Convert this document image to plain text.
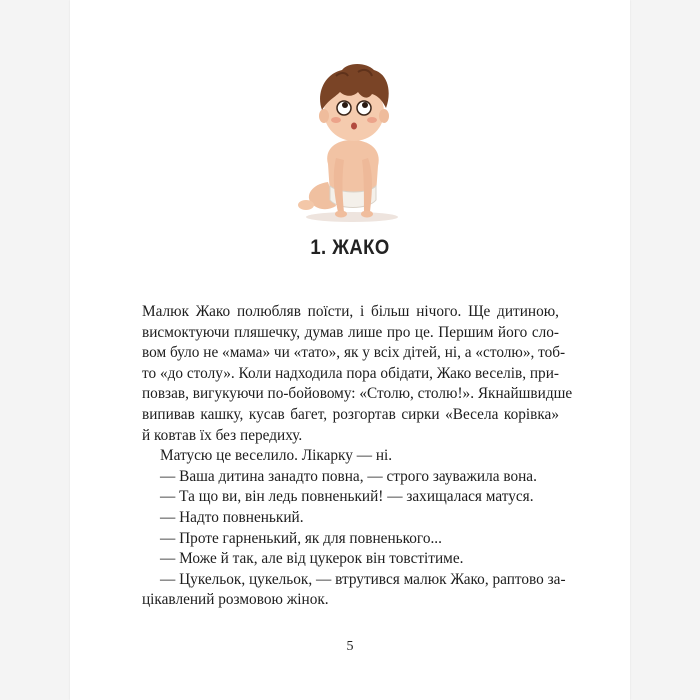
1. ЖАКО
Малюк Жако полюбляв поїсти, і більш нічого. Ще дитиною,
висмоктуючи пляшечку, думав лише про це. Першим його сло-
вом було не «мама» чи «тато», як у всіх дітей, ні, а «столю», тоб-
то «до столу». Коли надходила пора обідати, Жако веселів, при-
повзав, вигукуючи по-бойовому: «Столю, столю!». Якнайшвидше
випивав кашку, кусав багет, розгортав сирки «Весела корівка»
й ковтав їх без передиху.
Матусю це веселило. Лікарку — ні.
— Ваша дитина занадто повна, — строго зауважила вона.
— Та що ви, він ледь повненький! — захищалася матуся.
— Надто повненький.
— Проте гарненький, як для повненького...
— Може й так, але від цукерок він товстітиме.
— Цукельок, цукельок, — втрутився малюк Жако, раптово за-
цікавлений розмовою жінок.
5
